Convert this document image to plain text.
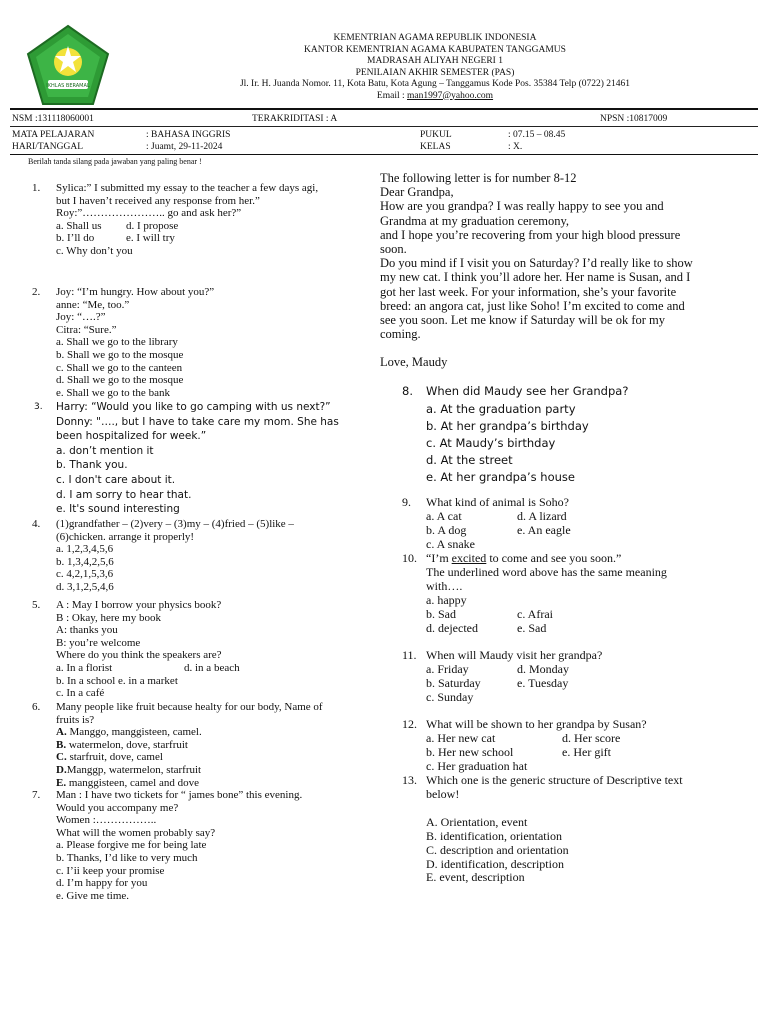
IKHLAS BERAMAL
KEMENTRIAN AGAMA REPUBLIK INDONESIA
KANTOR KEMENTRIAN AGAMA KABUPATEN TANGGAMUS
MADRASAH ALIYAH NEGERI 1
PENILAIAN AKHIR SEMESTER (PAS)
Jl. Ir. H. Juanda Nomor. 11, Kota Batu, Kota Agung – Tanggamus Kode Pos. 35384 Telp (0722) 21461
Email : man1997@yahoo.com
NSM :131118060001	TERAKRIDITASI : A	NPSN :10817009
MATA PELAJARAN	: BAHASA INGGRIS	PUKUL	: 07.15 – 08.45
HARI/TANGGAL	: Juamt, 29-11-2024	KELAS	: X.
Berilah tanda silang pada jawaban yang paling benar !
1. Sylica:” I submitted my essay to the teacher a few days agi,
but I haven’t received any response from her.”
Roy:”………………….. go and ask her?”
a. Shall us d. I propose
b. I’ll do	e. I will try
c. Why don’t you
2. Joy: “I’m hungry. How about you?”
anne: “Me, too.”
Joy: “….?”
Citra: “Sure.”
a. Shall we go to the library
b. Shall we go to the mosque
c. Shall we go to the canteen
d. Shall we go to the mosque
e. Shall we go to the bank
3. Harry: “Would you like to go camping with us next?”
Donny: "…., but I have to take care my mom. She has
been hospitalized for week.”
a. don’t mention it
b. Thank you.
c. I don't care about it.
d. I am sorry to hear that.
e. It's sound interesting
4. (1)grandfather – (2)very – (3)my – (4)fried – (5)like –
(6)chicken. arrange it properly!
a. 1,2,3,4,5,6
b. 1,3,4,2,5,6
c. 4,2,1,5,3,6
d. 3,1,2,5,4,6
5. A : May I borrow your physics book?
B : Okay, here my book
A: thanks you
B: you’re welcome
Where do you think the speakers are?
a. In a florist	d. in a beach
b. In a school e. in a market
c. In a café
6. Many people like fruit because healty for our body, Name of
fruits is?
A. Manggo, manggisteen, camel.
B. watermelon, dove, starfruit
C. starfruit, dove, camel
D.Manggp, watermelon, starfruit
E. manggisteen, camel and dove
7. Man : I have two tickets for “ james bone” this evening.
Would you accompany me?
Women :……………..
What will the women probably say?
a. Please forgive me for being late
b. Thanks, I’d like to very much
c. I’ii keep your promise
d. I’m happy for you
e. Give me time.
The following letter is for number 8-12
Dear Grandpa,
How are you grandpa? I was really happy to see you and
Grandma at my graduation ceremony,
and I hope you’re recovering from your high blood pressure
soon.
Do you mind if I visit you on Saturday? I’d really like to show
my new cat. I think you’ll adore her. Her name is Susan, and I
got her last week. For your information, she’s your favorite
breed: an angora cat, just like Soho! I’m excited to come and
see you soon. Let me know if Saturday will be ok for my
coming.
Love, Maudy
8. When did Maudy see her Grandpa?
a. At the graduation party
b. At her grandpa’s birthday
c. At Maudy’s birthday
d. At the street
e. At her grandpa’s house
9. What kind of animal is Soho?
a. A cat	d. A lizard
b. A dog	e. An eagle
c. A snake
10. “I’m excited to come and see you soon.”
The underlined word above has the same meaning
with….
a. happy
b. Sad	c. Afrai
d. dejected	e. Sad
11. When will Maudy visit her grandpa?
a. Friday	d. Monday
b. Saturday	e. Tuesday
c. Sunday
12. What will be shown to her grandpa by Susan?
a. Her new cat	d. Her score
b. Her new school	e. Her gift
c. Her graduation hat
13. Which one is the generic structure of Descriptive text
below!
A. Orientation, event
B. identification, orientation
C. description and orientation
D. identification, description
E. event, description
